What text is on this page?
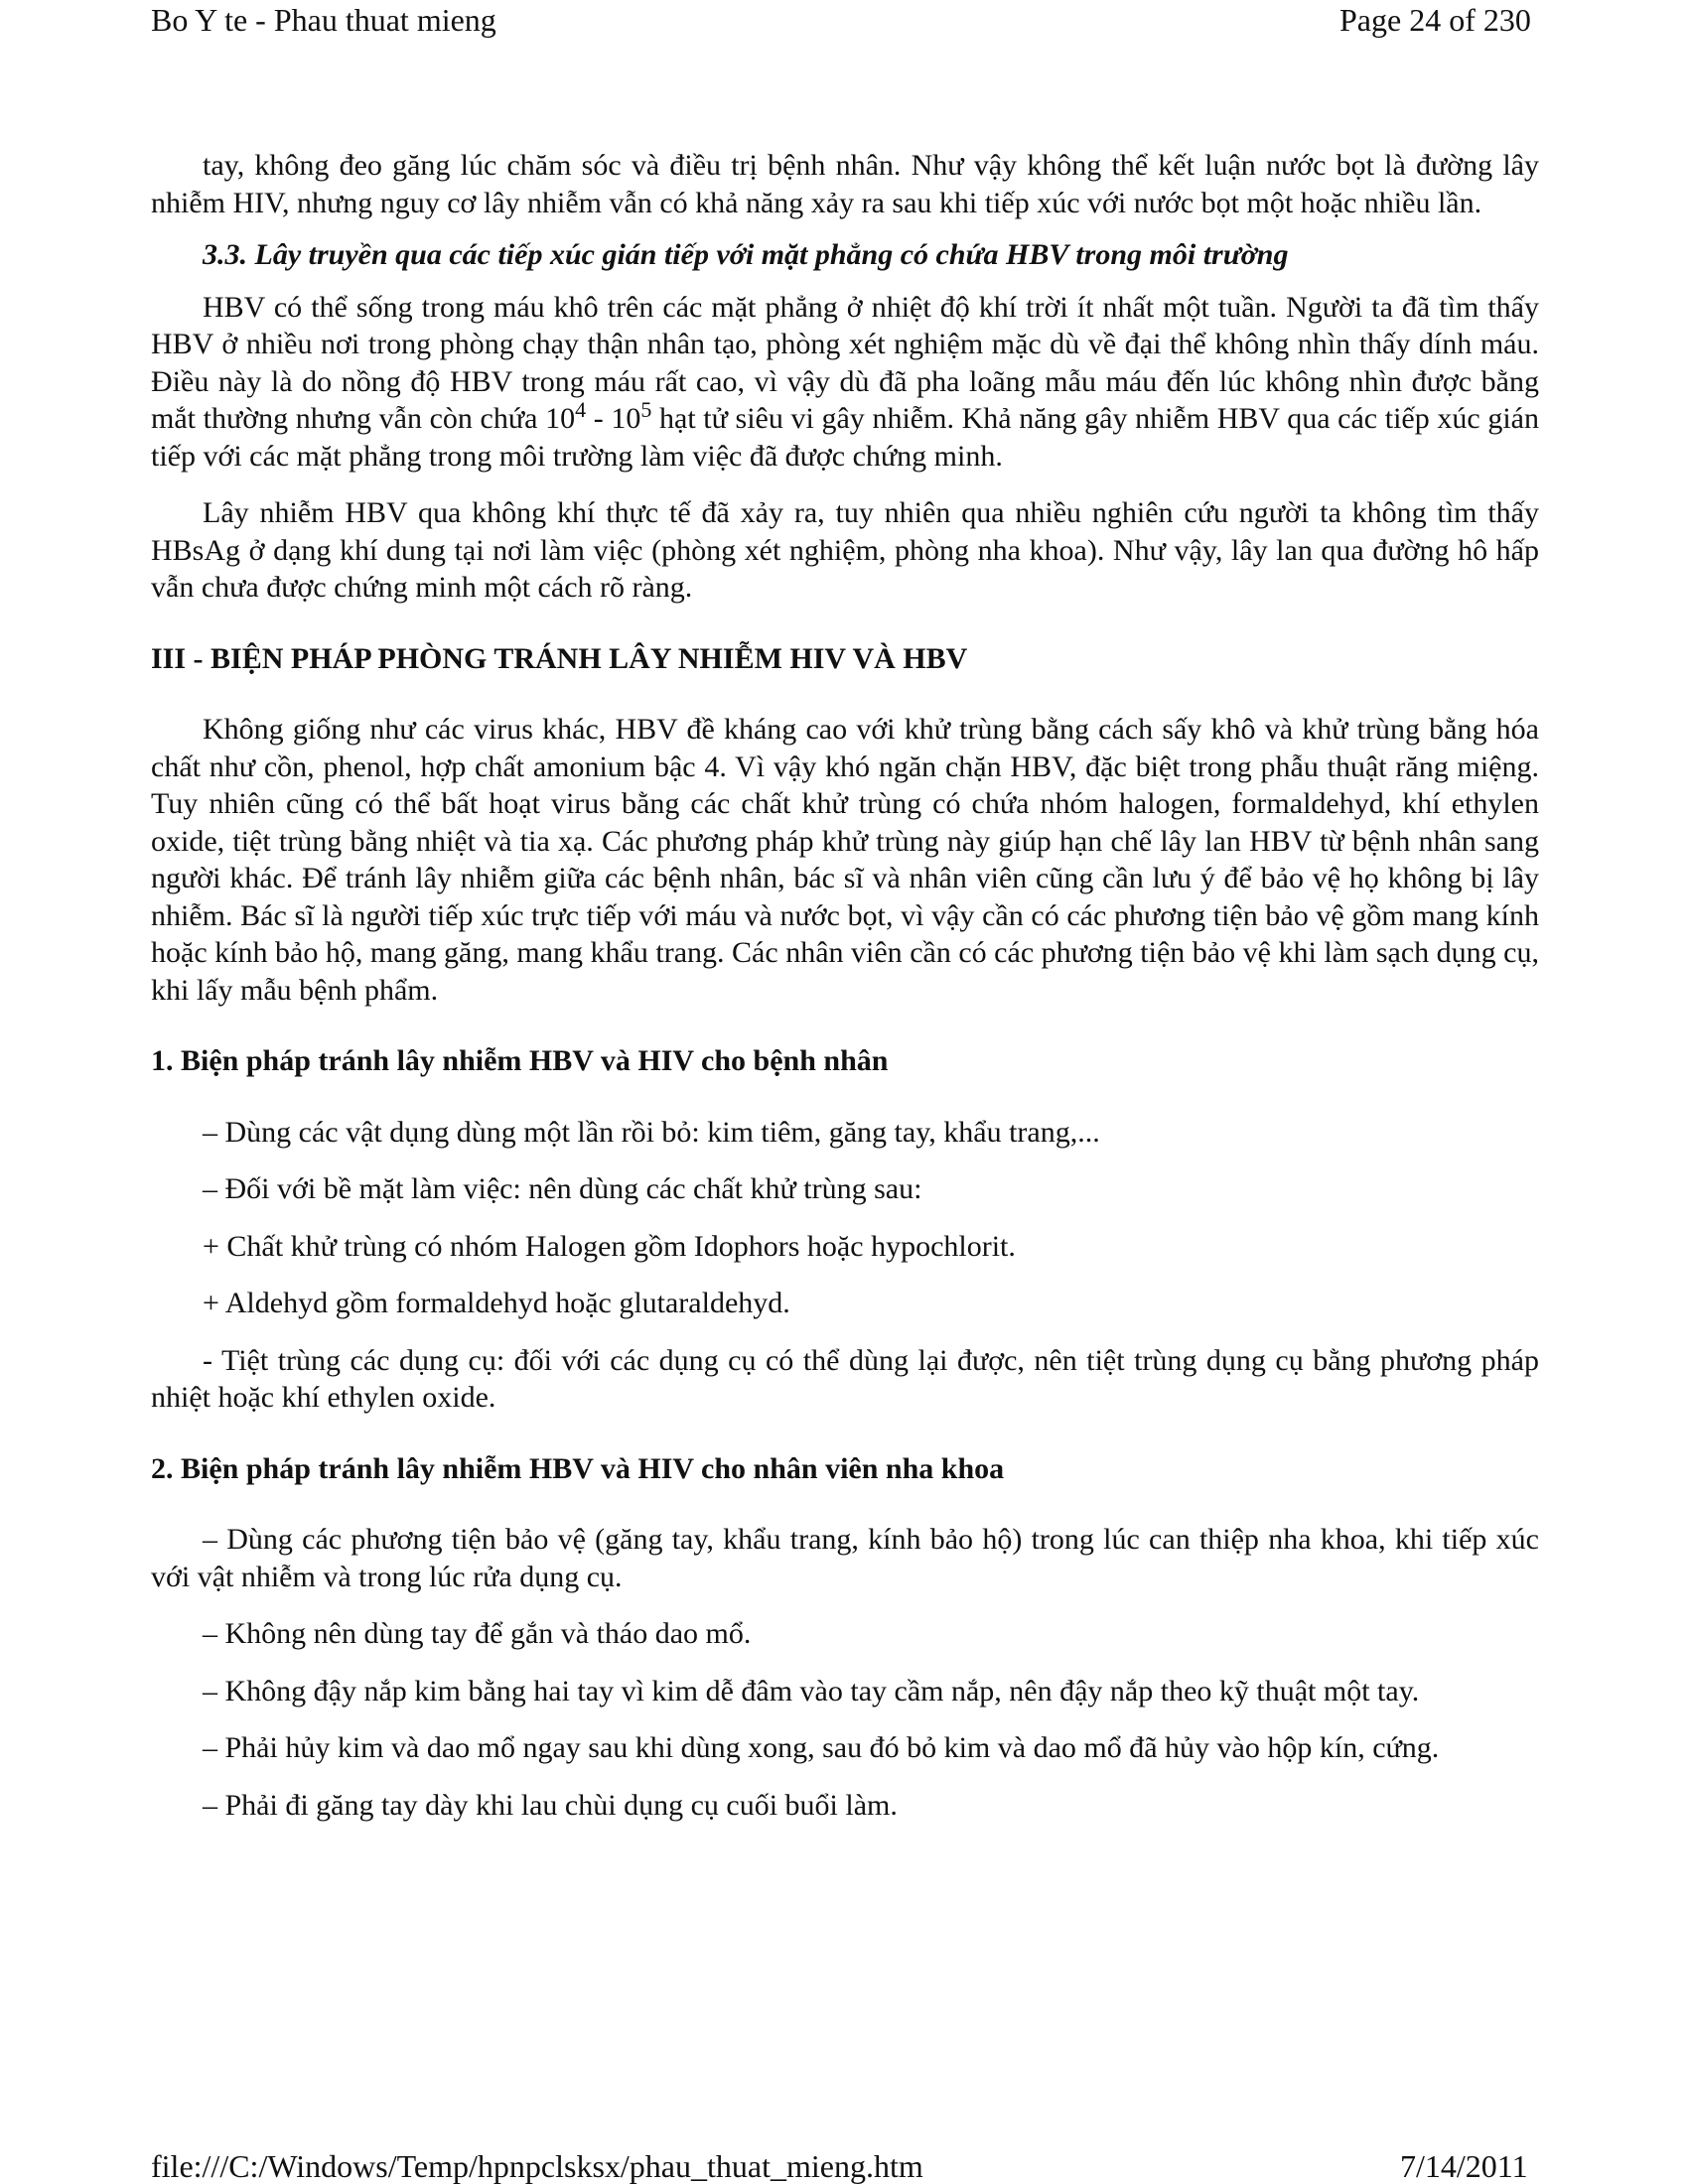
Bo Y te - Phau thuat mieng	Page 24 of 230

tay, không đeo găng lúc chăm sóc và điều trị bệnh nhân. Như vậy không thể kết luận nước bọt là đường lây nhiễm HIV, nhưng nguy cơ lây nhiễm vẫn có khả năng xảy ra sau khi tiếp xúc với nước bọt một hoặc nhiều lần.

3.3. Lây truyền qua các tiếp xúc gián tiếp với mặt phẳng có chứa HBV trong môi trường

HBV có thể sống trong máu khô trên các mặt phẳng ở nhiệt độ khí trời ít nhất một tuần. Người ta đã tìm thấy HBV ở nhiều nơi trong phòng chạy thận nhân tạo, phòng xét nghiệm mặc dù về đại thể không nhìn thấy dính máu. Điều này là do nồng độ HBV trong máu rất cao, vì vậy dù đã pha loãng mẫu máu đến lúc không nhìn được bằng mắt thường nhưng vẫn còn chứa $10^4 - 10^5$ hạt tử siêu vi gây nhiễm. Khả năng gây nhiễm HBV qua các tiếp xúc gián tiếp với các mặt phẳng trong môi trường làm việc đã được chứng minh.

Lây nhiễm HBV qua không khí thực tế đã xảy ra, tuy nhiên qua nhiều nghiên cứu người ta không tìm thấy HBsAg ở dạng khí dung tại nơi làm việc (phòng xét nghiệm, phòng nha khoa). Như vậy, lây lan qua đường hô hấp vẫn chưa được chứng minh một cách rõ ràng.

III - BIỆN PHÁP PHÒNG TRÁNH LÂY NHIỄM HIV VÀ HBV

Không giống như các virus khác, HBV đề kháng cao với khử trùng bằng cách sấy khô và khử trùng bằng hóa chất như cồn, phenol, hợp chất amonium bậc 4. Vì vậy khó ngăn chặn HBV, đặc biệt trong phẫu thuật răng miệng. Tuy nhiên cũng có thể bất hoạt virus bằng các chất khử trùng có chứa nhóm halogen, formaldehyd, khí ethylen oxide, tiệt trùng bằng nhiệt và tia xạ. Các phương pháp khử trùng này giúp hạn chế lây lan HBV từ bệnh nhân sang người khác. Để tránh lây nhiễm giữa các bệnh nhân, bác sĩ và nhân viên cũng cần lưu ý để bảo vệ họ không bị lây nhiễm. Bác sĩ là người tiếp xúc trực tiếp với máu và nước bọt, vì vậy cần có các phương tiện bảo vệ gồm mang kính hoặc kính bảo hộ, mang găng, mang khẩu trang. Các nhân viên cần có các phương tiện bảo vệ khi làm sạch dụng cụ, khi lấy mẫu bệnh phẩm.

1. Biện pháp tránh lây nhiễm HBV và HIV cho bệnh nhân

– Dùng các vật dụng dùng một lần rồi bỏ: kim tiêm, găng tay, khẩu trang,...

– Đối với bề mặt làm việc: nên dùng các chất khử trùng sau:

+ Chất khử trùng có nhóm Halogen gồm Idophors hoặc hypochlorit.

+ Aldehyd gồm formaldehyd hoặc glutaraldehyd.

- Tiệt trùng các dụng cụ: đối với các dụng cụ có thể dùng lại được, nên tiệt trùng dụng cụ bằng phương pháp nhiệt hoặc khí ethylen oxide.

2. Biện pháp tránh lây nhiễm HBV và HIV cho nhân viên nha khoa

– Dùng các phương tiện bảo vệ (găng tay, khẩu trang, kính bảo hộ) trong lúc can thiệp nha khoa, khi tiếp xúc với vật nhiễm và trong lúc rửa dụng cụ.

– Không nên dùng tay để gắn và tháo dao mổ.

– Không đậy nắp kim bằng hai tay vì kim dễ đâm vào tay cầm nắp, nên đậy nắp theo kỹ thuật một tay.

– Phải hủy kim và dao mổ ngay sau khi dùng xong, sau đó bỏ kim và dao mổ đã hủy vào hộp kín, cứng.

– Phải đi găng tay dày khi lau chùi dụng cụ cuối buổi làm.

file:///C:/Windows/Temp/hpnpclsksx/phau_thuat_mieng.htm	7/14/2011
